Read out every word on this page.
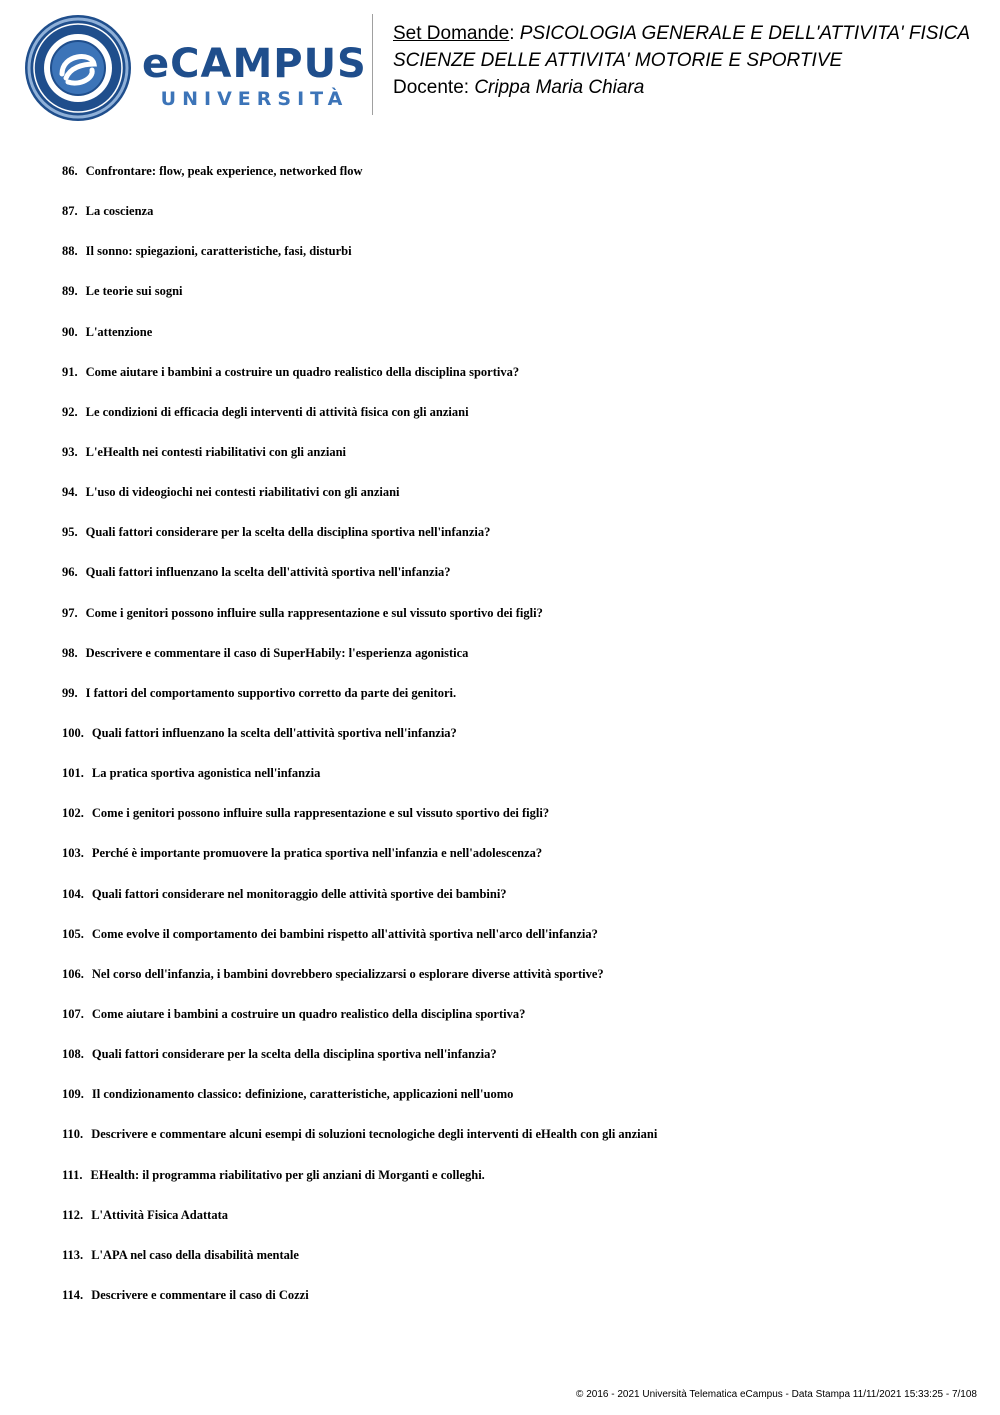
eCAMPUS
UNIVERSITÀ
Set Domande: PSICOLOGIA GENERALE E DELL'ATTIVITA' FISICA
SCIENZE DELLE ATTIVITA' MOTORIE E SPORTIVE
Docente: Crippa Maria Chiara
86. Confrontare: flow, peak experience, networked flow
87. La coscienza
88. Il sonno: spiegazioni, caratteristiche, fasi, disturbi
89. Le teorie sui sogni
90. L'attenzione
91. Come aiutare i bambini a costruire un quadro realistico della disciplina sportiva?
92. Le condizioni di efficacia degli interventi di attività fisica con gli anziani
93. L'eHealth nei contesti riabilitativi con gli anziani
94. L'uso di videogiochi nei contesti riabilitativi con gli anziani
95. Quali fattori considerare per la scelta della disciplina sportiva nell'infanzia?
96. Quali fattori influenzano la scelta dell'attività sportiva nell'infanzia?
97. Come i genitori possono influire sulla rappresentazione e sul vissuto sportivo dei figli?
98. Descrivere e commentare il caso di SuperHabily: l'esperienza agonistica
99. I fattori del comportamento supportivo corretto da parte dei genitori.
100. Quali fattori influenzano la scelta dell'attività sportiva nell'infanzia?
101. La pratica sportiva agonistica nell'infanzia
102. Come i genitori possono influire sulla rappresentazione e sul vissuto sportivo dei figli?
103. Perché è importante promuovere la pratica sportiva nell'infanzia e nell'adolescenza?
104. Quali fattori considerare nel monitoraggio delle attività sportive dei bambini?
105. Come evolve il comportamento dei bambini rispetto all'attività sportiva nell'arco dell'infanzia?
106. Nel corso dell'infanzia, i bambini dovrebbero specializzarsi o esplorare diverse attività sportive?
107. Come aiutare i bambini a costruire un quadro realistico della disciplina sportiva?
108. Quali fattori considerare per la scelta della disciplina sportiva nell'infanzia?
109. Il condizionamento classico: definizione, caratteristiche, applicazioni nell'uomo
110. Descrivere e commentare alcuni esempi di soluzioni tecnologiche degli interventi di eHealth con gli anziani
111. EHealth: il programma riabilitativo per gli anziani di Morganti e colleghi.
112. L'Attività Fisica Adattata
113. L'APA nel caso della disabilità mentale
114. Descrivere e commentare il caso di Cozzi
© 2016 - 2021 Università Telematica eCampus - Data Stampa 11/11/2021 15:33:25 - 7/108
